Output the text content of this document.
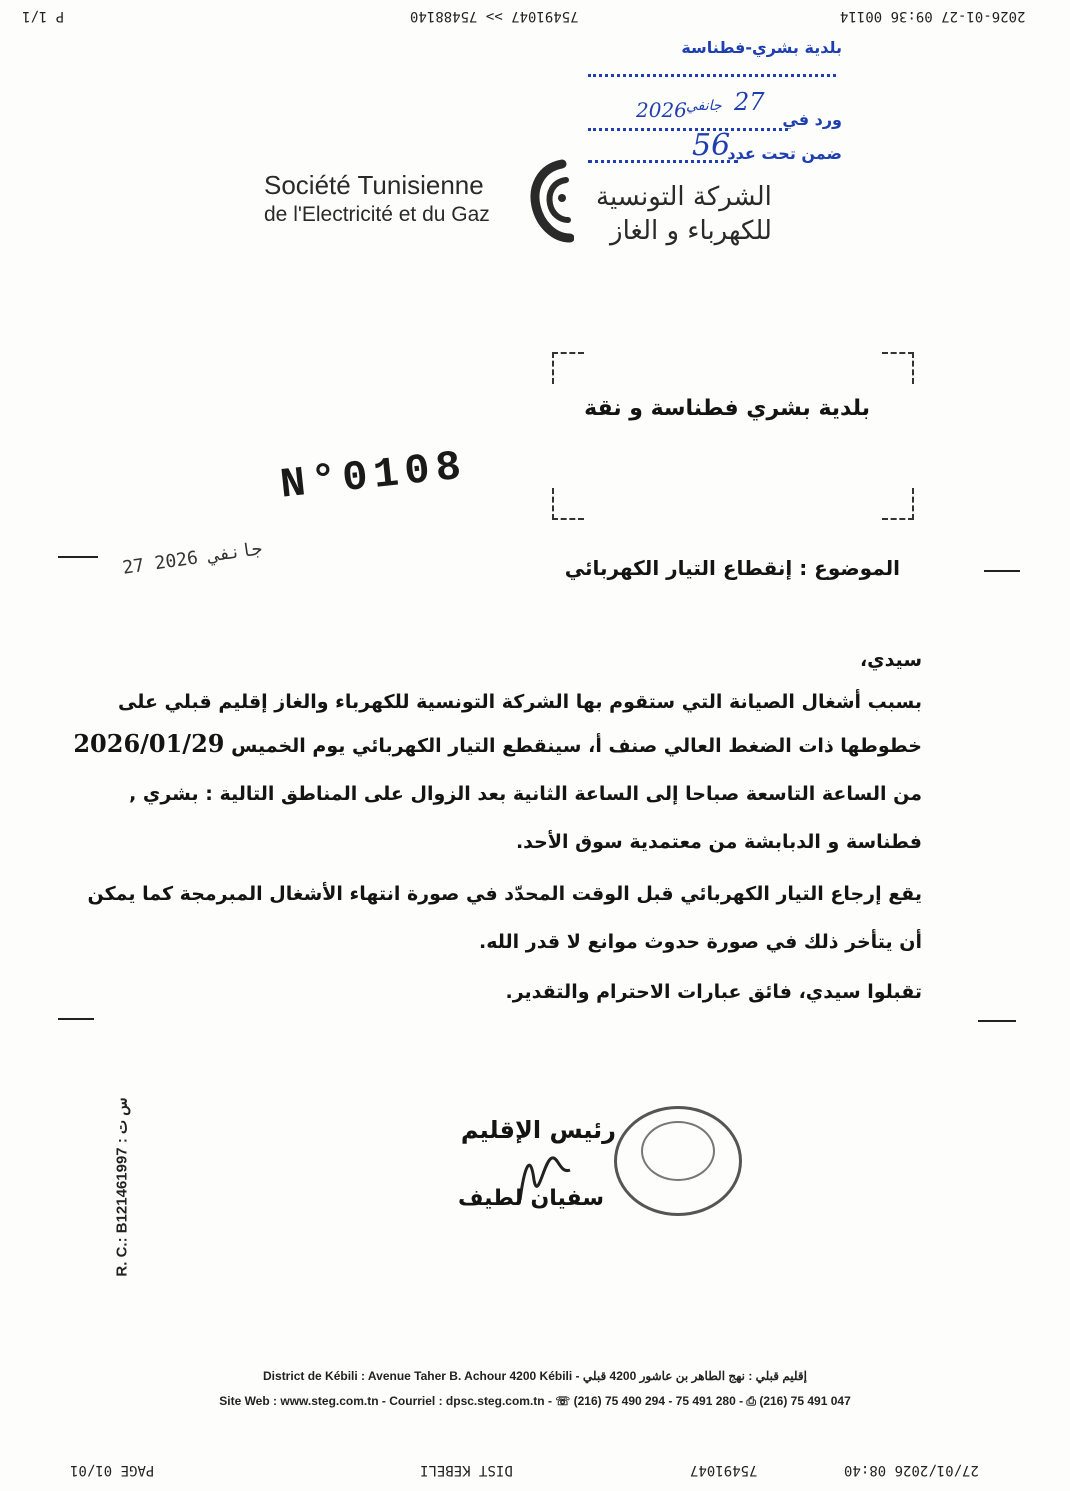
2026-01-27 09:36 00114
75491047 >> 75488140
P 1/1
بلدية بشري-فطناسة
ورد في
ضمن تحت عدد
27
جانفي
2026
56
Société Tunisienne
de l'Electricité et du Gaz
الشركة التونسية
للكهرباء و الغاز
بلدية بشري فطناسة و نقة
N°0108
27 جانفي 2026	الموضوع : إنقطاع التيار الكهربائي
سيدي،
بسبب أشغال الصيانة التي ستقوم بها الشركة التونسية للكهرباء والغاز إقليم قبلي على
خطوطها ذات الضغط العالي صنف أ، سينقطع التيار الكهربائي يوم الخميس 2026/01/29
من الساعة التاسعة صباحا إلى الساعة الثانية بعد الزوال على المناطق التالية : بشري ,
فطناسة و الدبابشة من معتمدية سوق الأحد.
يقع إرجاع التيار الكهربائي قبل الوقت المحدّد في صورة انتهاء الأشغال المبرمجة كما يمكن
أن يتأخر ذلك في صورة حدوث موانع لا قدر الله.
تقبلوا سيدي، فائق عبارات الاحترام والتقدير.
رئيس الإقليم
سفيان لطيف
R. C.: B121461997 : س ت
District de Kébili : Avenue Taher B. Achour 4200 Kébili - إقليم قبلي : نهج الطاهر بن عاشور 4200 قبلي
Site Web : www.steg.com.tn - Courriel : dpsc.steg.com.tn - ☏ (216) 75 490 294 - 75 491 280 - ⎙ (216) 75 491 047
27/01/2026 08:40
75491047
DIST KEBELI
PAGE 01/01
